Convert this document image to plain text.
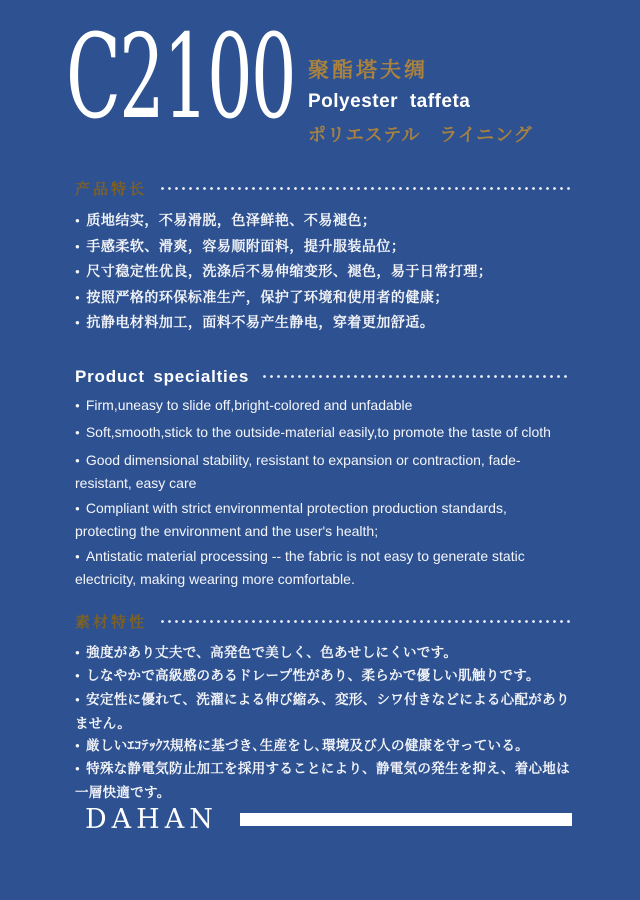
C2100 聚酯塔夫绸
Polyester taffeta
ポリエステル　ライニング
产品特长
● 质地结实，不易滑脱，色泽鲜艳、不易褪色；
● 手感柔软、滑爽，容易顺附面料，提升服装品位；
● 尺寸稳定性优良，洗涤后不易伸缩变形、褪色，易于日常打理；
● 按照严格的环保标准生产，保护了环境和使用者的健康；
● 抗静电材料加工，面料不易产生静电，穿着更加舒适。
Product specialties
● Firm,uneasy to slide off,bright-colored and unfadable
● Soft,smooth,stick to the outside-material easily,to promote the taste of cloth
● Good dimensional stability, resistant to expansion or contraction, fade-resistant, easy care
● Compliant with strict environmental protection production standards, protecting the environment and the user's health;
● Antistatic material processing -- the fabric is not easy to generate static electricity, making wearing more comfortable.
素材特性
● 強度があり丈夫で、高発色で美しく、色あせしにくいです。
● しなやかで高級感のあるドレープ性があり、柔らかで優しい肌触りです。
● 安定性に優れて、洗濯による伸び縮み、変形、シワ付きなどによる心配がありません。
● 厳しいｴｺﾃｯｸｽ規格に基づき､生産をし､環境及び人の健康を守っている。
● 特殊な静電気防止加工を採用することにより、静電気の発生を抑え、着心地は一層快適です。
DAHAN
